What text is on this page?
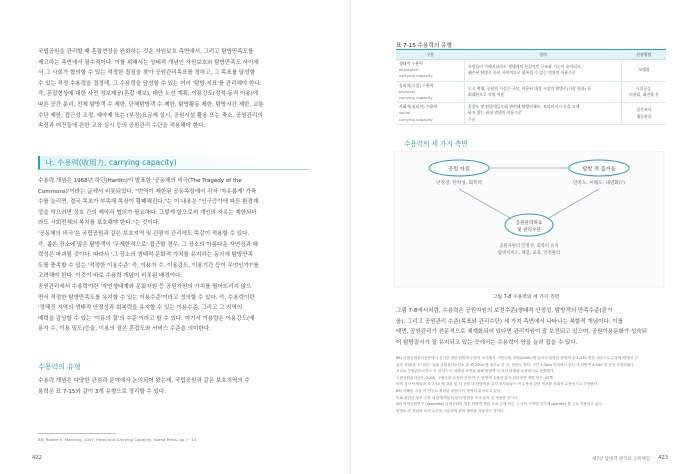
국립공원을 관리할 때 혼잡현상을 완화하는 것은 자원보호 측면에서, 그리고 탐방만족도를
제고하는 측면에서 필수적이다. 이를 위해서는 상태적 개념인 자원보호와 탐방만족도 사이에
서 그 사회가 합의할 수 있는 적정한 접점을 찾아 공원관리목표를 정하고, 그 목표를 달성할
수 있는 적정 수용력을 결정해, 그 수용력을 담성할 수 있는 여러 '탐방·지표'를 관리해야 한다.
즉, 혼잡현상에 대한 사전 정보제공(혼잡 예보), 태안 노선 계획, 이용강도(정적·동적 이용)에
따른 공간 분리, 전체 탐방객 수 제한, 단체탐방객 수 제한, 탐방활동 제한, 탐방시간 제한, 교통
수단 제한, 접근성 조정, 예약제 또는 (부정)요금제 실시, 공원시설 활용 또는 축소, 공원관리의
속성과 여건들에 관한 교육 실시 등의 공원관리 수단을 적용해야 한다.
나. 수용력(收用力, carrying capacity)
수용력 개념은 1968년 하딘(Hardin)이 발표한 '공동체의 비극(The Tragedy of the
Commons)'이라는 글에서 비롯되었다. "번역이 제한된 공동목장에서 각자 '자유롭게' 가축
수를 늘리면, 결국 목초가 부족해 목장이 황폐해진다."는 이 내용은 "인구증가에 따른 환경재
앙을 막으려면 상호 간의 제약과 협의가 필요하다. 그렇게 함으로써 개인의 자유는 제한되더
라도 사회전체의 복지를 보호해야 한다."는 것이다.
'공동체의 비극'은 국립공원과 같은 보호지역 및 관광지 관리에도 똑같이 적용할 수 있다.
즉, 좁은 장소에 많은 탐방객이 '무제한적으로' 접근할 경우, 그 장소의 아름다운 자연성과 매
력성은 파괴될 것이다. 따라서 '그 장소의 생태적·문화적 가치를 유지하는 동시에 탐방만족
도를 충족할 수 있는 '적정한 이용수준' 즉, 이용자 수, 이용강도, 이용기간 등이 무엇인가?'를
고려해야 한다. 이것이 바로 수용력 개념이 비롯된 배경이다.
공원관리에서 수용력이란 '자연생태계와 문화자원 등 공원자원의 가치를 떨어뜨리지 않으
면서 적정한 탐방만족도를 유지할 수 있는 이용수준'이라고 정의할 수 있다. 즉, 수용력이란
'정해진 지역의 생태적 안정성과 회복력을 유지할 수 있는 이용수준, 그리고 그 지역의
매력을 감상할 수 있는 '이용의 질'의 수준'이라고 할 수 있다. 여기서 이용량은 이용강도(예
용자 수, 이용 밀도)등을, 이용의 질은 혼잡도와 서비스 수준을 의미한다.
수용력의 유형
수용력 개념은 다양한 관점과 분야에서 논의되어 왔는데, 국립공원과 같은 보호지역의 수
용력은 표 7-15와 같이 3개 유형으로 정리할 수 있다.
88) Robert E. Manning, 2007, Parks and Carrying Capacity, Island Press, pp.7~13.
422
표 7-15 수용력의 유형
구분	정의	산정방법

생태적 수용력
ecological
carrying capacity	사람들이 가해지더라도 생태계의 본질적인 구조와 기능이 유지되고,
훼손된 탐방로 등이 자연적으로 회복될 수 있는 범위의 이용수준	모델링

물리적(시설) 수용력
physical
carrying capacity	도시 여행, 공원의 시설수·규모, 이용된 대상 시설의 탐방로(사람 통과) 등
최대한도로 적정 이용	시설공종,
이용률, 회전율 등

사회적(심리적) 수용력
social
carrying capacity	혼잡도 및 탐방객들도와 관련해 탐방만족도, 트리이머시 등을 고제
하지 않는 최대 범위의 이용수준
수준	설문조사
행동관찰
수용력의 세 가지 측면
공원 자원	탐방 적 즐거움
안정성, 탄력성, 회복력	만족도, 이해도, 내면화(?)
공원관리목표
및 관리수단
공원자원의 안정성, 회복력 유지
탐방서비스, 체험, 교육, 안전관리
그림 7-8 수용력의 세 가지 측면
그림 7-8에서처럼, 수용력은 공원자원의 보전수준(생태적 안정성, 탐방객의 만족수준(즐거
움), 그리고 공원관리 수준(목표와 관리수단) 세 가지 측면에서 나타나는 복합적 개념이다. 이를
테면, 공원관리가 전문적으로 체계화되어 있다면 관리자원이 잘 보전되고 있으며, 공원이용문화가 성숙되
어 탐방질서가 잘 유지되고 있는 곳에서는 수용력이 양을 늘려 잡을 수 있다.
88) 국립공원관리공단에서 실시한 대한 탐방객 수용력 조사에서 '자연공원 정원(2000)'에 있어서 탐방한 탐방객 총 1,370 명을 대상으로 수용력(탐방자 간
접촉 상태)을 조사하는 것을 공원관리보전소 를 해 2000 명 정도로 한 곳, 탐방로 했다. 구간 1.5km 이내에서 동선 대 탐방객 4,000 명 등을 가정하였다.
지리로 공원관리보전소 이 의 반드시 대중의 자연을 위해 탐방객 이 지난 탐방을 수용력으로 산출했다.
국립공원관리공단, 2000, 국립공원 수용력 산정 연구. 탐방객 수용력 분석 관리방향 개발 연구. 45쪽.
이에 공사 단체들을 표 7-15 에 대한 및 서 공원 내 탐방객을 특히 조사되었으 며 수용력 관련 정보를 사회적 수용력으로 추정했다.
89) 이해한 지침 이 연구로 정리된 내용이 이 영역의 분석되고 있다.
이와 관련한 정보 공원 내 탐방객들의 관리 방법을 조사 분석 및 적용한 것이다.
90) 지역공원연구 (Yosemite) 국립공원의 경우 탐방객 제한 조치 등에 따른 그 사이 구역별 허가제 (permit) 를 주로 적용하고 있다.
탐방로 간 경관의 보전 수준을 구분하며 관리 방안을 적용하는 것이다.
제7장 탐방객 관리와 공원체험 423
